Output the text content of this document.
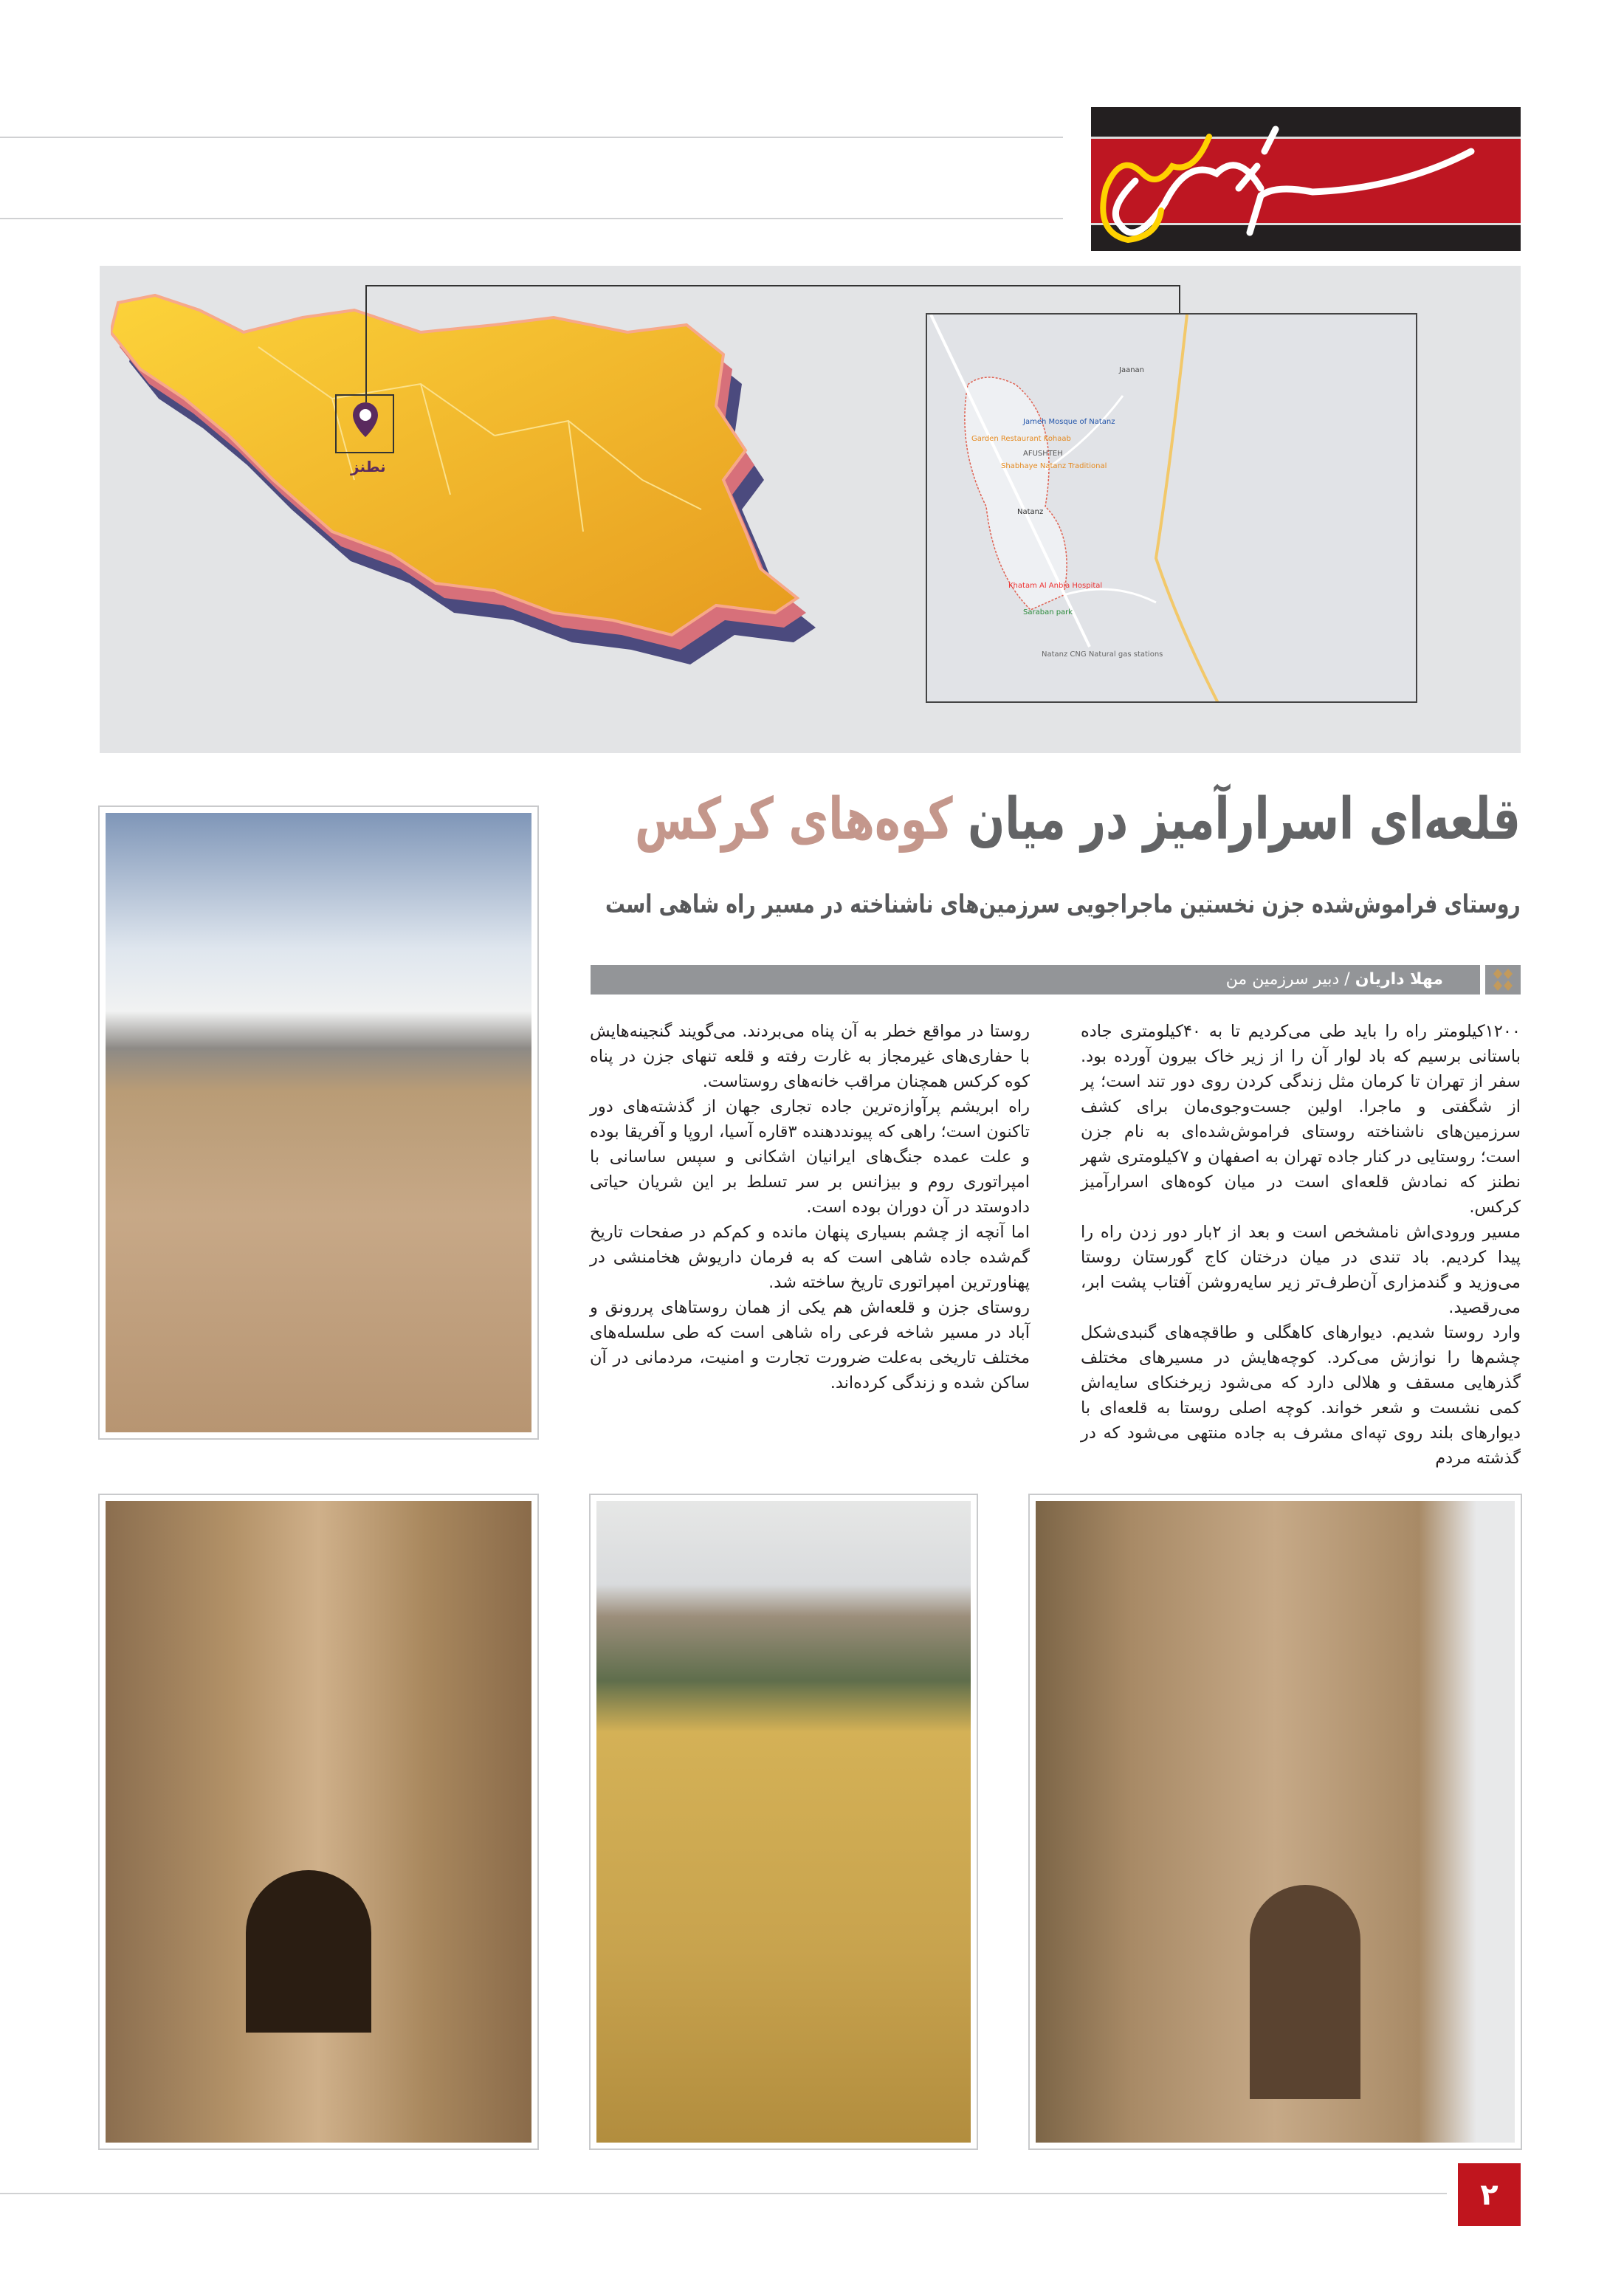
نطنز
Jaanan
Jameh Mosque of Natanz
Garden Restaurant Kohaab
AFUSHTEH
Shabhaye Natanz Traditional
Natanz
Khatam Al Anbia Hospital
Saraban park
Natanz CNG Natural gas stations
قلعه‌ای اسرارآمیز در میان کوه‌های کرکس
روستای فراموش‌شده جزن نخستین ماجراجویی سرزمین‌های ناشناخته در مسیر راه شاهی است
مهلا داریان / دبیر سرزمین من

۱۲۰۰کیلومتر راه را باید طی می‌کردیم تا به ۴۰کیلومتری جاده باستانی برسیم که باد لوار آن را از زیر خاک بیرون آورده بود. سفر از تهران تا کرمان مثل زندگی کردن روی دور تند است؛ پر از شگفتی و ماجرا. اولین جست‌وجوی‌مان برای کشف سرزمین‌های ناشناخته روستای فراموش‌شده‌ای به نام جزن است؛ روستایی در کنار جاده تهران به اصفهان و ۷کیلومتری شهر نطنز که نمادش قلعه‌ای است در میان کوه‌های اسرارآمیز کرکس.

مسیر ورودی‌اش نامشخص است و بعد از ۲بار دور زدن راه را پیدا کردیم. باد تندی در میان درختان کاج گورستان روستا می‌وزید و گندمزاری آن‌طرف‌تر زیر سایه‌روشن آفتاب پشت ابر، می‌رقصید.

وارد روستا شدیم. دیوارهای کاهگلی و طاقچه‌های گنبدی‌شکل چشم‌ها را نوازش می‌کرد. کوچه‌هایش در مسیرهای مختلف گذرهایی مسقف و هلالی دارد که می‌شود زیرخنکای سایه‌اش کمی نشست و شعر خواند. کوچه اصلی روستا به قلعه‌ای با دیوارهای بلند روی تپه‌ای مشرف به جاده منتهی می‌شود که در گذشته مردم

روستا در مواقع خطر به آن پناه می‌بردند. می‌گویند گنجینه‌هایش با حفاری‌های غیرمجاز به غارت رفته و قلعه تنهای جزن در پناه کوه کرکس همچنان مراقب خانه‌های روستاست.

راه ابریشم پرآوازه‌ترین جاده تجاری جهان از گذشته‌های دور تاکنون است؛ راهی که پیونددهنده ۳قاره آسیا، اروپا و آفریقا بوده و علت عمده جنگ‌های ایرانیان اشکانی و سپس ساسانی با امپراتوری روم و بیزانس بر سر تسلط بر این شریان حیاتی دادوستد در آن دوران بوده است.

اما آنچه از چشم بسیاری پنهان مانده و کم‌کم در صفحات تاریخ گم‌شده جاده شاهی است که به فرمان داریوش هخامنشی در پهناورترین امپراتوری تاریخ ساخته شد.

روستای جزن و قلعه‌اش هم یکی از همان روستاهای پررونق و آباد در مسیر شاخه فرعی راه شاهی است که طی سلسله‌های مختلف تاریخی به‌علت ضرورت تجارت و امنیت، مردمانی در آن ساکن شده و زندگی کرده‌اند.

۲
